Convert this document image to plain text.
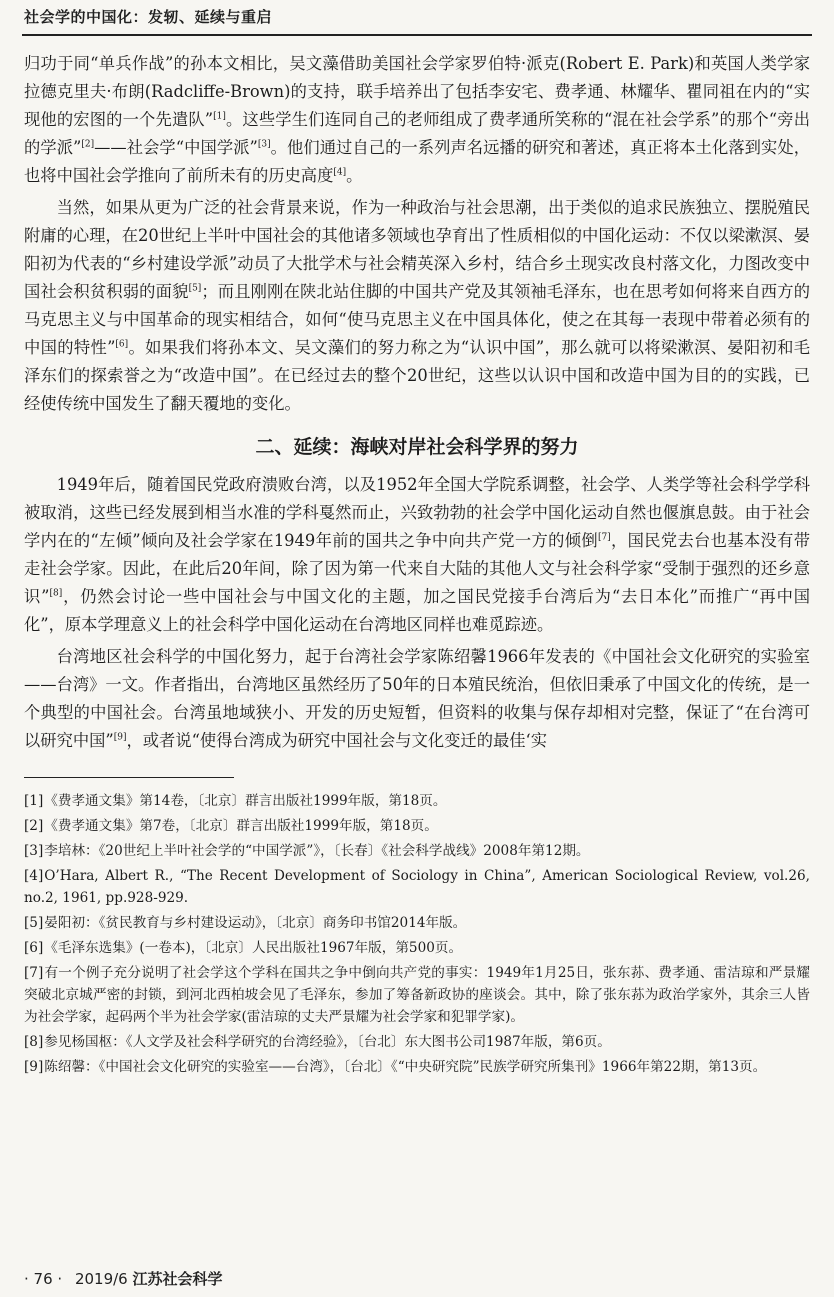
社会学的中国化：发轫、延续与重启

归功于同“单兵作战”的孙本文相比，吴文藻借助美国社会学家罗伯特·派克(Robert E. Park)和英国人类学家拉德克里夫·布朗(Radcliffe-Brown)的支持，联手培养出了包括李安宅、费孝通、林耀华、瞿同祖在内的“实现他的宏图的一个先遣队”[1]。这些学生们连同自己的老师组成了费孝通所笑称的“混在社会学系”的那个“旁出的学派”[2]——社会学“中国学派”[3]。他们通过自己的一系列声名远播的研究和著述，真正将本土化落到实处，也将中国社会学推向了前所未有的历史高度[4]。

当然，如果从更为广泛的社会背景来说，作为一种政治与社会思潮，出于类似的追求民族独立、摆脱殖民附庸的心理，在20世纪上半叶中国社会的其他诸多领域也孕育出了性质相似的中国化运动：不仅以梁漱溟、晏阳初为代表的“乡村建设学派”动员了大批学术与社会精英深入乡村，结合乡土现实改良村落文化，力图改变中国社会积贫积弱的面貌[5]；而且刚刚在陕北站住脚的中国共产党及其领袖毛泽东，也在思考如何将来自西方的马克思主义与中国革命的现实相结合，如何“使马克思主义在中国具体化，使之在其每一表现中带着必须有的中国的特性”[6]。如果我们将孙本文、吴文藻们的努力称之为“认识中国”，那么就可以将梁漱溟、晏阳初和毛泽东们的探索誉之为“改造中国”。在已经过去的整个20世纪，这些以认识中国和改造中国为目的的实践，已经使传统中国发生了翻天覆地的变化。

二、延续：海峡对岸社会科学界的努力

1949年后，随着国民党政府溃败台湾，以及1952年全国大学院系调整，社会学、人类学等社会科学学科被取消，这些已经发展到相当水准的学科戛然而止，兴致勃勃的社会学中国化运动自然也偃旗息鼓。由于社会学内在的“左倾”倾向及社会学家在1949年前的国共之争中向共产党一方的倾倒[7]，国民党去台也基本没有带走社会学家。因此，在此后20年间，除了因为第一代来自大陆的其他人文与社会科学家“受制于强烈的还乡意识”[8]，仍然会讨论一些中国社会与中国文化的主题，加之国民党接手台湾后为“去日本化”而推广“再中国化”，原本学理意义上的社会科学中国化运动在台湾地区同样也难觅踪迹。

台湾地区社会科学的中国化努力，起于台湾社会学家陈绍馨1966年发表的《中国社会文化研究的实验室——台湾》一文。作者指出，台湾地区虽然经历了50年的日本殖民统治，但依旧秉承了中国文化的传统，是一个典型的中国社会。台湾虽地域狭小、开发的历史短暂，但资料的收集与保存却相对完整，保证了“在台湾可以研究中国”[9]，或者说“使得台湾成为研究中国社会与文化变迁的最佳‘实

[1]《费孝通文集》第14卷，〔北京〕群言出版社1999年版，第18页。

[2]《费孝通文集》第7卷，〔北京〕群言出版社1999年版，第18页。

[3]李培林：《20世纪上半叶社会学的“中国学派”》，〔长春〕《社会科学战线》2008年第12期。

[4]O’Hara, Albert R., “The Recent Development of Sociology in China”, American Sociological Review, vol.26, no.2, 1961, pp.928-929.

[5]晏阳初：《贫民教育与乡村建设运动》，〔北京〕商务印书馆2014年版。

[6]《毛泽东选集》(一卷本)，〔北京〕人民出版社1967年版，第500页。

[7]有一个例子充分说明了社会学这个学科在国共之争中倒向共产党的事实：1949年1月25日，张东荪、费孝通、雷洁琼和严景耀突破北京城严密的封锁，到河北西柏坡会见了毛泽东，参加了筹备新政协的座谈会。其中，除了张东荪为政治学家外，其余三人皆为社会学家，起码两个半为社会学家(雷洁琼的丈夫严景耀为社会学家和犯罪学家)。

[8]参见杨国枢：《人文学及社会科学研究的台湾经验》，〔台北〕东大图书公司1987年版，第6页。

[9]陈绍馨：《中国社会文化研究的实验室——台湾》，〔台北〕《“中央研究院”民族学研究所集刊》1966年第22期，第13页。

· 76 · 2019/6 江苏社会科学
